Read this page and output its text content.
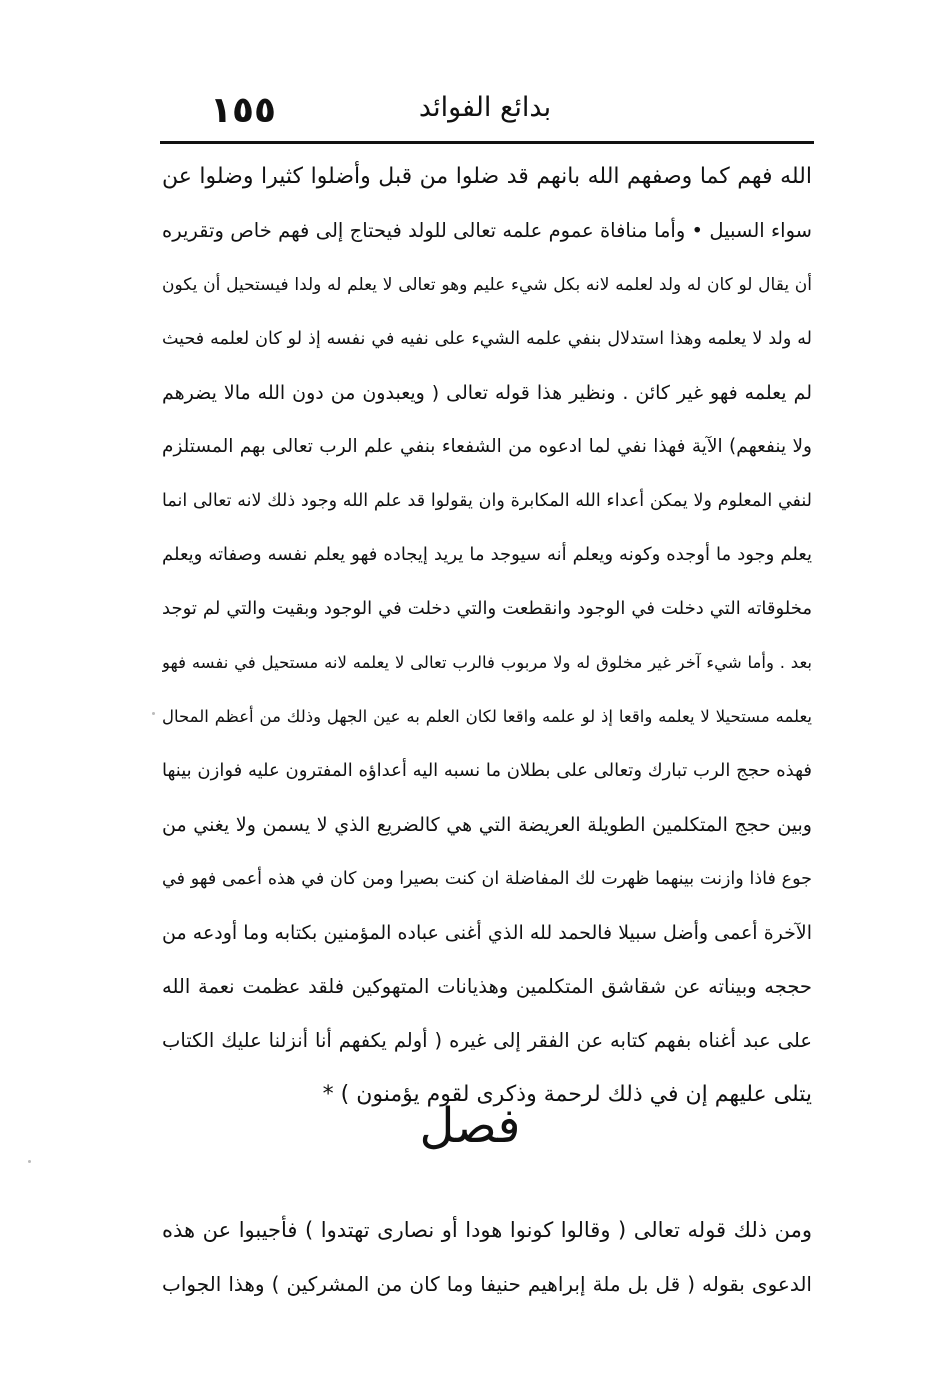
١٥٥	بدائع الفوائد
الله فهم كما وصفهم الله بانهم قد ضلوا من قبل وأضلوا كثيرا وضلوا عن
سواء السبيل • وأما منافاة عموم علمه تعالى للولد فيحتاج إلى فهم خاص وتقريره
أن يقال لو كان له ولد لعلمه لانه بكل شيء عليم وهو تعالى لا يعلم له ولدا فيستحيل أن يكون
له ولد لا يعلمه وهذا استدلال بنفي علمه الشيء على نفيه في نفسه إذ لو كان لعلمه فحيث
لم يعلمه فهو غير كائن . ونظير هذا قوله تعالى ( ويعبدون من دون الله مالا يضرهم
ولا ينفعهم) الآية فهذا نفي لما ادعوه من الشفعاء بنفي علم الرب تعالى بهم المستلزم
لنفي المعلوم ولا يمكن أعداء الله المكابرة وان يقولوا قد علم الله وجود ذلك لانه تعالى انما
يعلم وجود ما أوجده وكونه ويعلم أنه سيوجد ما يريد إيجاده فهو يعلم نفسه وصفاته ويعلم
مخلوقاته التي دخلت في الوجود وانقطعت والتي دخلت في الوجود وبقيت والتي لم توجد
بعد . وأما شيء آخر غير مخلوق له ولا مربوب فالرب تعالى لا يعلمه لانه مستحيل في نفسه فهو
يعلمه مستحيلا لا يعلمه واقعا إذ لو علمه واقعا لكان العلم به عين الجهل وذلك من أعظم المحال
فهذه حجج الرب تبارك وتعالى على بطلان ما نسبه اليه أعداؤه المفترون عليه فوازن بينها
وبين حجج المتكلمين الطويلة العريضة التي هي كالضريع الذي لا يسمن ولا يغني من
جوع فاذا وازنت بينهما ظهرت لك المفاضلة ان كنت بصيرا ومن كان في هذه أعمى فهو في
الآخرة أعمى وأضل سبيلا فالحمد لله الذي أغنى عباده المؤمنين بكتابه وما أودعه من
حججه وبيناته عن شقاشق المتكلمين وهذيانات المتهوكين فلقد عظمت نعمة الله
على عبد أغناه بفهم كتابه عن الفقر إلى غيره ( أولم يكفهم أنا أنزلنا عليك الكتاب
يتلى عليهم إن في ذلك لرحمة وذكرى لقوم يؤمنون ) *
فصل
ومن ذلك قوله تعالى ( وقالوا كونوا هودا أو نصارى تهتدوا ) فأجيبوا عن هذه
الدعوى بقوله ( قل بل ملة إبراهيم حنيفا وما كان من المشركين ) وهذا الجواب
